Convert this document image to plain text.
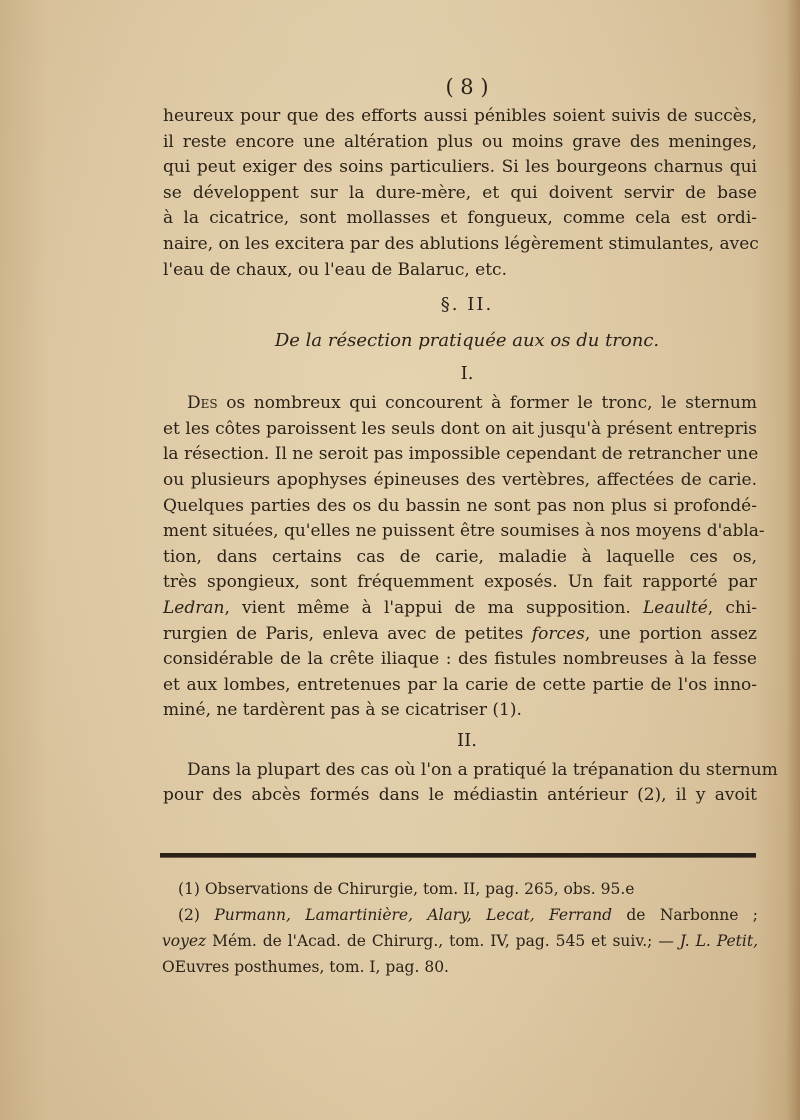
( 8 )

heureux pour que des efforts aussi pénibles soient suivis de succès,
il reste encore une altération plus ou moins grave des meninges,
qui peut exiger des soins particuliers. Si les bourgeons charnus qui
se développent sur la dure-mère, et qui doivent servir de base
à la cicatrice, sont mollasses et fongueux, comme cela est ordi-
naire, on les excitera par des ablutions légèrement stimulantes, avec
l'eau de chaux, ou l'eau de Balaruc, etc.

§. II.
De la résection pratiquée aux os du tronc.
I.

Des os nombreux qui concourent à former le tronc, le sternum
et les côtes paroissent les seuls dont on ait jusqu'à présent entrepris
la résection. Il ne seroit pas impossible cependant de retrancher une
ou plusieurs apophyses épineuses des vertèbres, affectées de carie.
Quelques parties des os du bassin ne sont pas non plus si profondé-
ment situées, qu'elles ne puissent être soumises à nos moyens d'abla-
tion, dans certains cas de carie, maladie à laquelle ces os,
très spongieux, sont fréquemment exposés. Un fait rapporté par
Ledran, vient même à l'appui de ma supposition. Leaulté, chi-
rurgien de Paris, enleva avec de petites forces, une portion assez
considérable de la crête iliaque : des fistules nombreuses à la fesse
et aux lombes, entretenues par la carie de cette partie de l'os inno-
miné, ne tardèrent pas à se cicatriser (1).

II.

Dans la plupart des cas où l'on a pratiqué la trépanation du sternum
pour des abcès formés dans le médiastin antérieur (2), il y avoit

(1) Observations de Chirurgie, tom. II, pag. 265, obs. 95.e
(2) Purmann, Lamartinière, Alary, Lecat, Ferrand de Narbonne ;
voyez Mém. de l'Acad. de Chirurg., tom. IV, pag. 545 et suiv.; — J. L. Petit,
OEuvres posthumes, tom. I, pag. 80.
